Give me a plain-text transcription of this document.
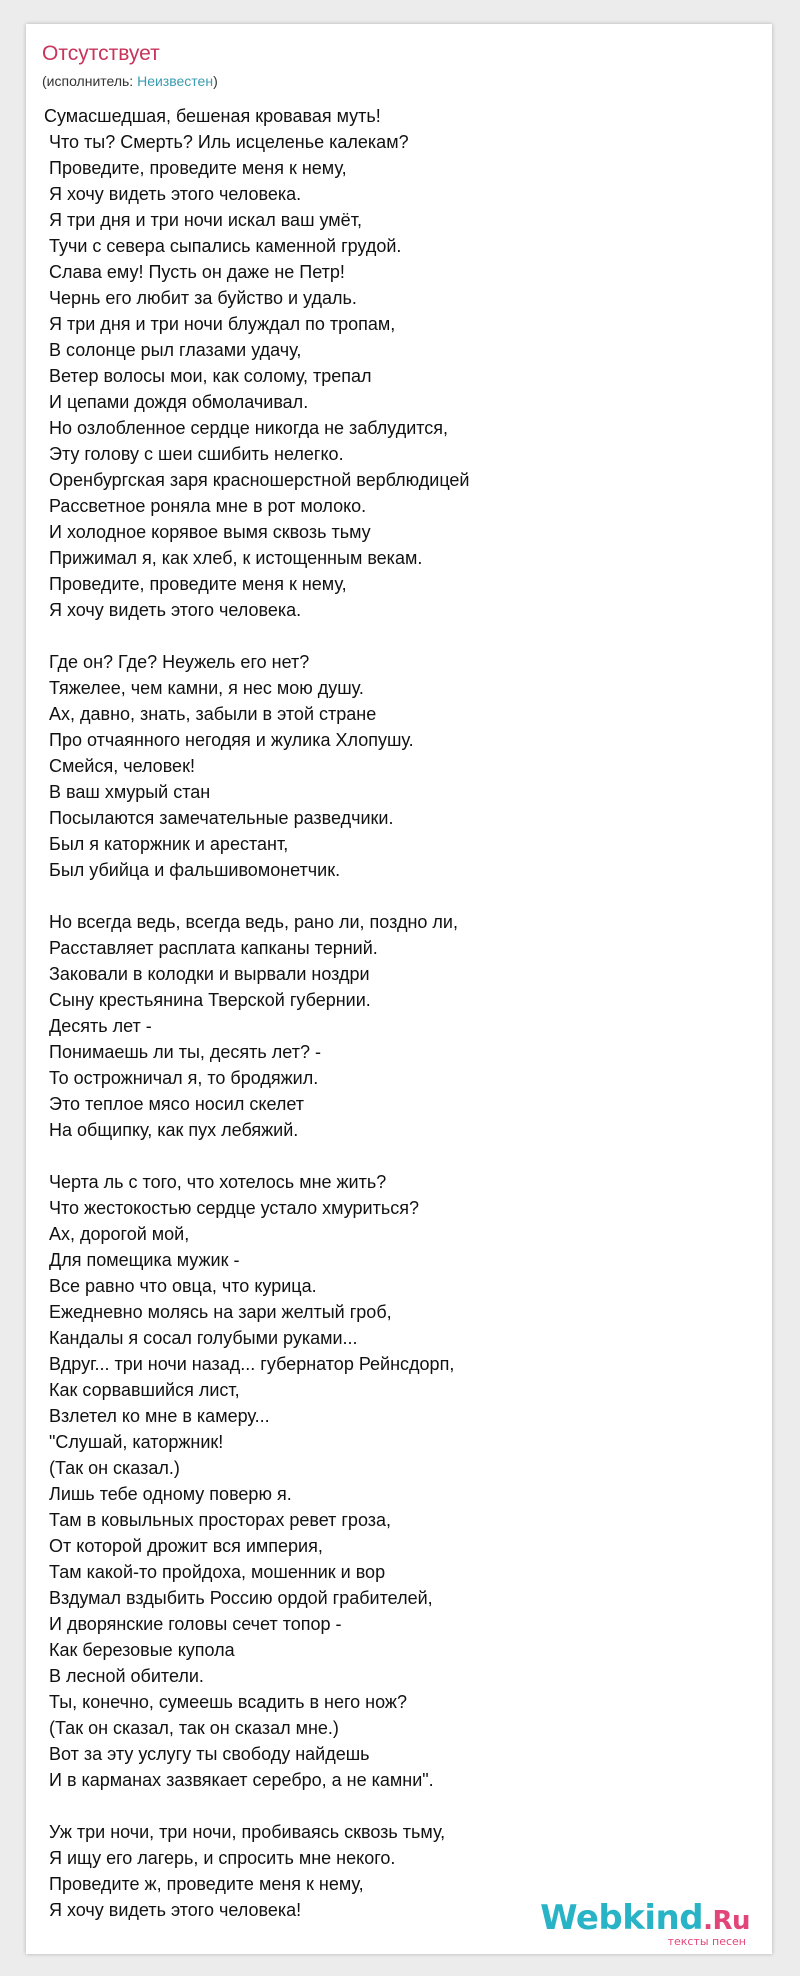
Отсутствует
(исполнитель: Неизвестен)
Сумасшедшая, бешеная кровавая муть!
Что ты? Смерть? Иль исцеленье калекам?
Проведите, проведите меня к нему,
Я хочу видеть этого человека.
Я три дня и три ночи искал ваш умёт,
Тучи с севера сыпались каменной грудой.
Слава ему! Пусть он даже не Петр!
Чернь его любит за буйство и удаль.
Я три дня и три ночи блуждал по тропам,
В солонце рыл глазами удачу,
Ветер волосы мои, как солому, трепал
И цепами дождя обмолачивал.
Но озлобленное сердце никогда не заблудится,
Эту голову с шеи сшибить нелегко.
Оренбургская заря красношерстной верблюдицей
Рассветное роняла мне в рот молоко.
И холодное корявое вымя сквозь тьму
Прижимал я, как хлеб, к истощенным векам.
Проведите, проведите меня к нему,
Я хочу видеть этого человека.
Где он? Где? Неужель его нет?
Тяжелее, чем камни, я нес мою душу.
Ах, давно, знать, забыли в этой стране
Про отчаянного негодяя и жулика Хлопушу.
Смейся, человек!
В ваш хмурый стан
Посылаются замечательные разведчики.
Был я каторжник и арестант,
Был убийца и фальшивомонетчик.
Но всегда ведь, всегда ведь, рано ли, поздно ли,
Расставляет расплата капканы терний.
Заковали в колодки и вырвали ноздри
Сыну крестьянина Тверской губернии.
Десять лет -
Понимаешь ли ты, десять лет? -
То острожничал я, то бродяжил.
Это теплое мясо носил скелет
На общипку, как пух лебяжий.
Черта ль с того, что хотелось мне жить?
Что жестокостью сердце устало хмуриться?
Ах, дорогой мой,
Для помещика мужик -
Все равно что овца, что курица.
Ежедневно молясь на зари желтый гроб,
Кандалы я сосал голубыми руками...
Вдруг... три ночи назад... губернатор Рейнсдорп,
Как сорвавшийся лист,
Взлетел ко мне в камеру...
"Слушай, каторжник!
(Так он сказал.)
Лишь тебе одному поверю я.
Там в ковыльных просторах ревет гроза,
От которой дрожит вся империя,
Там какой-то пройдоха, мошенник и вор
Вздумал вздыбить Россию ордой грабителей,
И дворянские головы сечет топор -
Как березовые купола
В лесной обители.
Ты, конечно, сумеешь всадить в него нож?
(Так он сказал, так он сказал мне.)
Вот за эту услугу ты свободу найдешь
И в карманах зазвякает серебро, а не камни".
Уж три ночи, три ночи, пробиваясь сквозь тьму,
Я ищу его лагерь, и спросить мне некого.
Проведите ж, проведите меня к нему,
Я хочу видеть этого человека!	Webkind.Ru
тексты песен
